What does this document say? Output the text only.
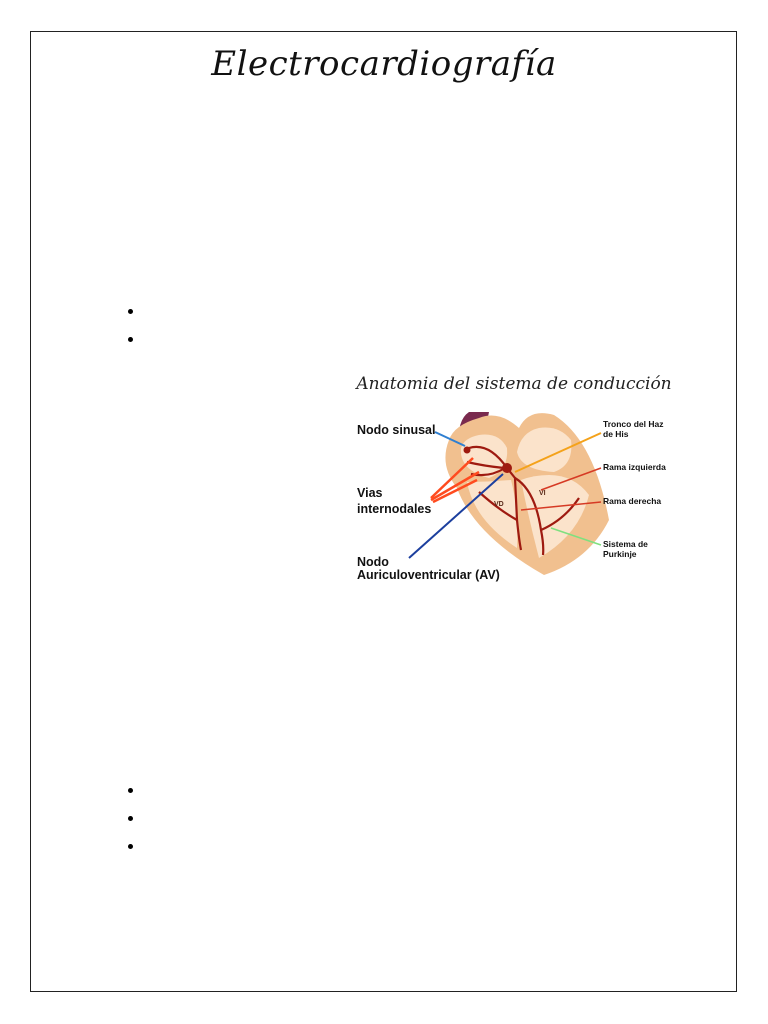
Electrocardiografía
Anatomia del sistema de conducción
Nodo sinusal
Vias
internodales
Nodo
Auriculoventricular (AV)
Tronco del Haz
de His
Rama izquierda
Rama derecha
Sistema de
Purkinje
VD
VI
